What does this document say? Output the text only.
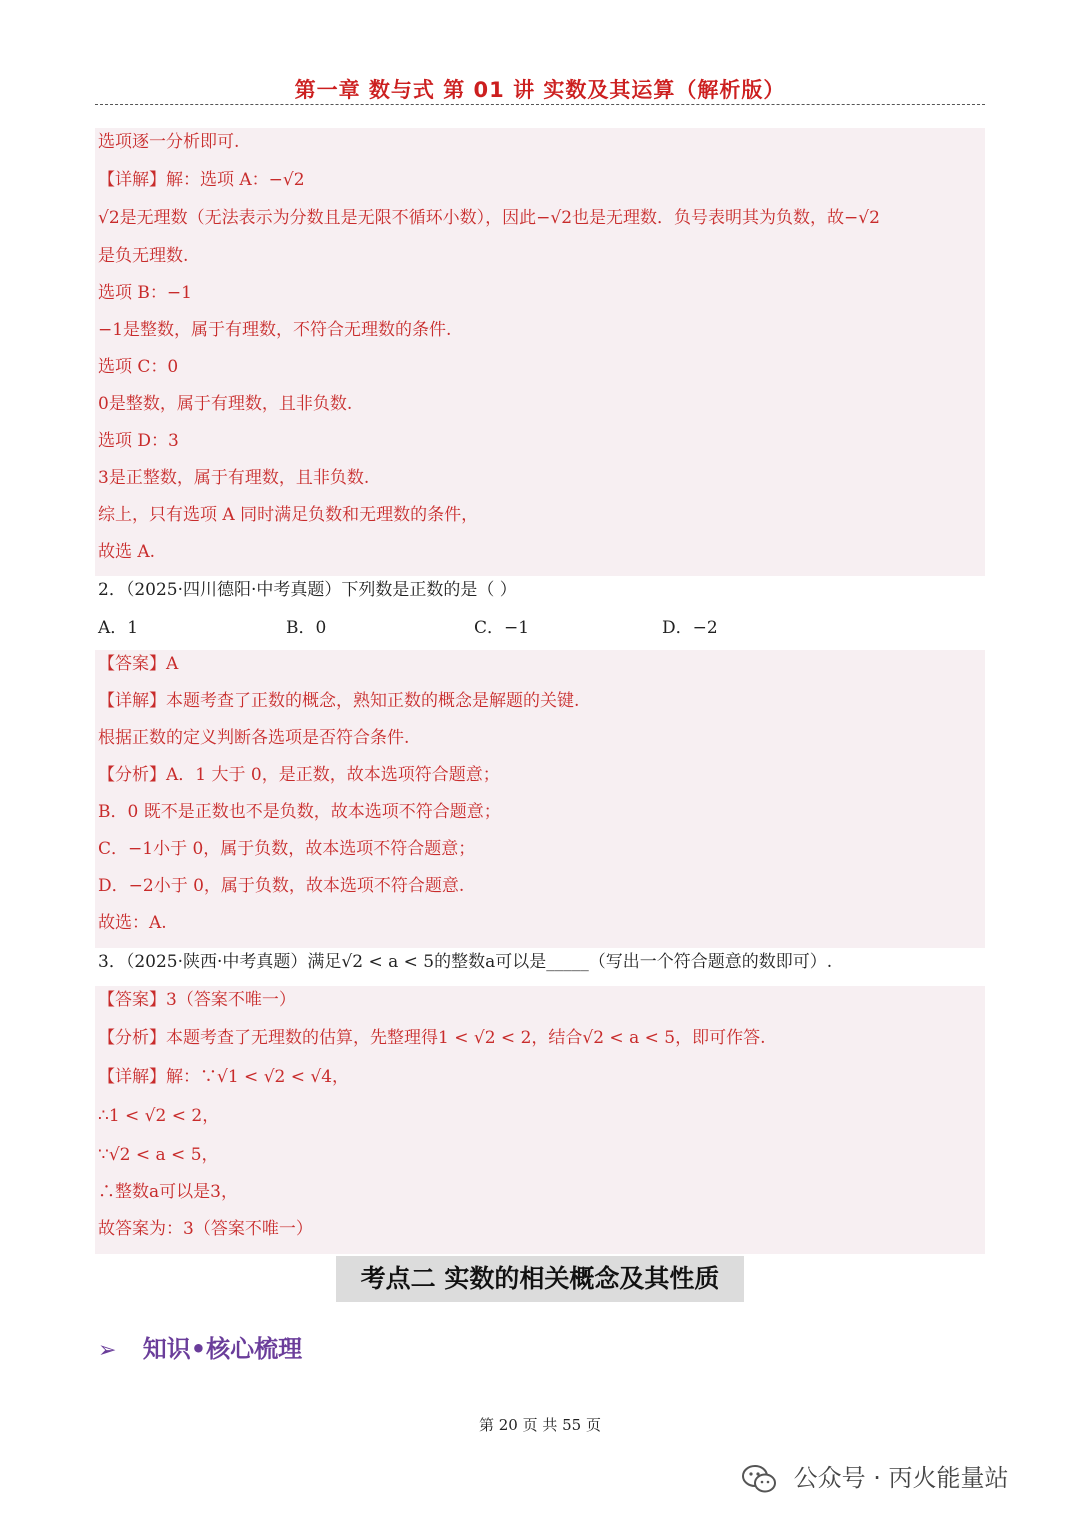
第一章 数与式 第 01 讲 实数及其运算（解析版）
选项逐一分析即可.
【详解】解：选项 A：−√2
√2是无理数（无法表示为分数且是无限不循环小数），因此−√2也是无理数．负号表明其为负数，故−√2
是负无理数.
选项 B：−1
−1是整数，属于有理数，不符合无理数的条件.
选项 C：0
0是整数，属于有理数，且非负数.
选项 D：3
3是正整数，属于有理数，且非负数.
综上，只有选项 A 同时满足负数和无理数的条件，
故选 A.
2．（2025·四川德阳·中考真题）下列数是正数的是（ ）
A．1	B．0	C．−1	D．−2
【答案】A
【详解】本题考查了正数的概念，熟知正数的概念是解题的关键.
根据正数的定义判断各选项是否符合条件.
【分析】A．1 大于 0，是正数，故本选项符合题意；
B．0 既不是正数也不是负数，故本选项不符合题意；
C．−1小于 0，属于负数，故本选项不符合题意；
D．−2小于 0，属于负数，故本选项不符合题意.
故选：A.
3．（2025·陕西·中考真题）满足√2 < a < 5的整数a可以是_____（写出一个符合题意的数即可）.
【答案】3（答案不唯一）
【分析】本题考查了无理数的估算，先整理得1 < √2 < 2，结合√2 < a < 5，即可作答.
【详解】解：∵√1 < √2 < √4，
∴1 < √2 < 2，
∵√2 < a < 5，
∴整数a可以是3，
故答案为：3（答案不唯一）
考点二 实数的相关概念及其性质
➢ 知识•核心梳理
第 20 页 共 55 页
公众号 · 丙火能量站
